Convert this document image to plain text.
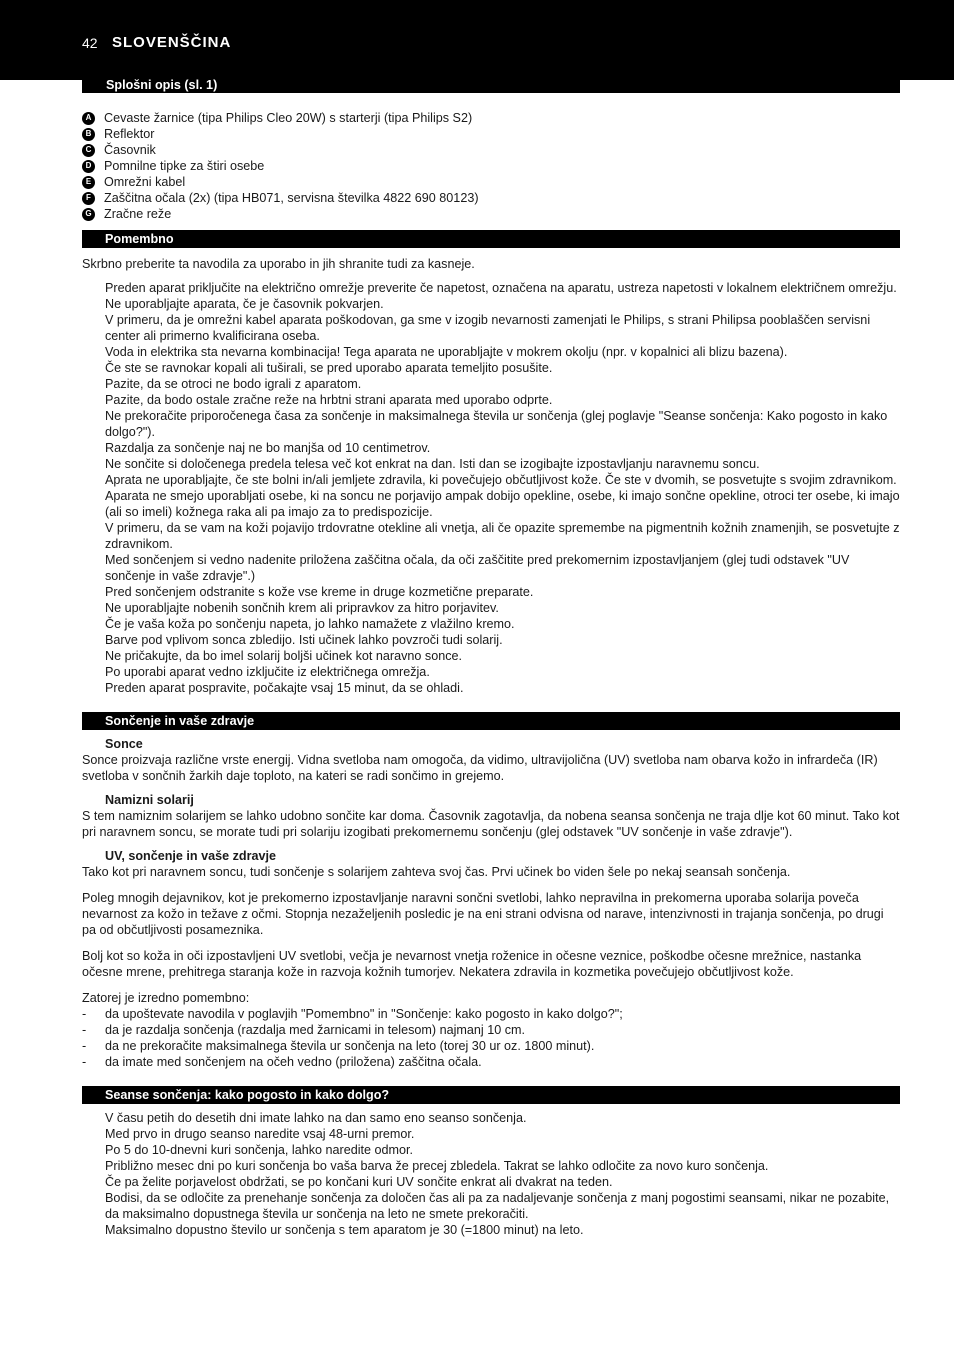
42 SLOVENŠČINA
Splošni opis (sl. 1)
A Cevaste žarnice (tipa Philips Cleo 20W) s starterji (tipa Philips S2)
B Reflektor
C Časovnik
D Pomnilne tipke za štiri osebe
E	Omrežni kabel
F	Zaščitna očala (2x) (tipa HB071, servisna številka 4822 690 80123)
G Zračne reže
Pomembno

Skrbno preberite ta navodila za uporabo in jih shranite tudi za kasneje.

Preden aparat priključite na električno omrežje preverite če napetost, označena na aparatu, ustreza napetosti v lokalnem električnem omrežju.

Ne uporabljajte aparata, če je časovnik pokvarjen.

V primeru, da je omrežni kabel aparata poškodovan, ga sme v izogib nevarnosti zamenjati le Philips, s strani Philipsa pooblaščen servisni center ali primerno kvalificirana oseba.

Voda in elektrika sta nevarna kombinacija! Tega aparata ne uporabljajte v mokrem okolju (npr. v kopalnici ali blizu bazena).

Če ste se ravnokar kopali ali tuširali, se pred uporabo aparata temeljito posušite.

Pazite, da se otroci ne bodo igrali z aparatom.

Pazite, da bodo ostale zračne reže na hrbtni strani aparata med uporabo odprte.

Ne prekoračite priporočenega časa za sončenje in maksimalnega števila ur sončenja (glej poglavje "Seanse sončenja: Kako pogosto in kako dolgo?").

Razdalja za sončenje naj ne bo manjša od 10 centimetrov.

Ne sončite si določenega predela telesa več kot enkrat na dan. Isti dan se izogibajte izpostavljanju naravnemu soncu.

Aprata ne uporabljajte, če ste bolni in/ali jemljete zdravila, ki povečujejo občutljivost kože. Če ste v dvomih, se posvetujte s svojim zdravnikom.

Aparata ne smejo uporabljati osebe, ki na soncu ne porjavijo ampak dobijo opekline, osebe, ki imajo sončne opekline, otroci ter osebe, ki imajo (ali so imeli) kožnega raka ali pa imajo za to predispozicije.

V primeru, da se vam na koži pojavijo trdovratne otekline ali vnetja, ali če opazite spremembe na pigmentnih kožnih znamenjih, se posvetujte z zdravnikom.

Med sončenjem si vedno nadenite priložena zaščitna očala, da oči zaščitite pred prekomernim izpostavljanjem (glej tudi odstavek "UV sončenje in vaše zdravje".)

Pred sončenjem odstranite s kože vse kreme in druge kozmetične preparate.

Ne uporabljajte nobenih sončnih krem ali pripravkov za hitro porjavitev.

Če je vaša koža po sončenju napeta, jo lahko namažete z vlažilno kremo.

Barve pod vplivom sonca zbledijo. Isti učinek lahko povzroči tudi solarij.

Ne pričakujte, da bo imel solarij boljši učinek kot naravno sonce.

Po uporabi aparat vedno izključite iz električnega omrežja.

Preden aparat pospravite, počakajte vsaj 15 minut, da se ohladi.

Sončenje in vaše zdravje
Sonce

Sonce proizvaja različne vrste energij. Vidna svetloba nam omogoča, da vidimo, ultravijolična (UV) svetloba nam obarva kožo in infrardeča (IR) svetloba v sončnih žarkih daje toploto, na kateri se radi sončimo in grejemo.

Namizni solarij

S tem namiznim solarijem se lahko udobno sončite kar doma. Časovnik zagotavlja, da nobena seansa sončenja ne traja dlje kot 60 minut. Tako kot pri naravnem soncu, se morate tudi pri solariju izogibati prekomernemu sončenju (glej odstavek "UV sončenje in vaše zdravje").

UV, sončenje in vaše zdravje

Tako kot pri naravnem soncu, tudi sončenje s solarijem zahteva svoj čas. Prvi učinek bo viden šele po nekaj seansah sončenja.

Poleg mnogih dejavnikov, kot je prekomerno izpostavljanje naravni sončni svetlobi, lahko nepravilna in prekomerna uporaba solarija poveča nevarnost za kožo in težave z očmi. Stopnja nezaželjenih posledic je na eni strani odvisna od narave, intenzivnosti in trajanja sončenja, po drugi pa od občutljivosti posameznika.

Bolj kot so koža in oči izpostavljeni UV svetlobi, večja je nevarnost vnetja roženice in očesne veznice, poškodbe očesne mrežnice, nastanka očesne mrene, prehitrega staranja kože in razvoja kožnih tumorjev. Nekatera zdravila in kozmetika povečujejo občutljivost kože.

Zatorej je izredno pomembno:

-	da upoštevate navodila v poglavjih "Pomembno" in "Sončenje: kako pogosto in kako dolgo?";
-	da je razdalja sončenja (razdalja med žarnicami in telesom) najmanj 10 cm.
-	da ne prekoračite maksimalnega števila ur sončenja na leto (torej 30 ur oz. 1800 minut).
-	da imate med sončenjem na očeh vedno (priložena) zaščitna očala.
Seanse sončenja: kako pogosto in kako dolgo?

V času petih do desetih dni imate lahko na dan samo eno seanso sončenja.

Med prvo in drugo seanso naredite vsaj 48-urni premor.

Po 5 do 10-dnevni kuri sončenja, lahko naredite odmor.

Približno mesec dni po kuri sončenja bo vaša barva že precej zbledela. Takrat se lahko odločite za novo kuro sončenja.

Če pa želite porjavelost obdržati, se po končani kuri UV sončite enkrat ali dvakrat na teden.

Bodisi, da se odločite za prenehanje sončenja za določen čas ali pa za nadaljevanje sončenja z manj pogostimi seansami, nikar ne pozabite, da maksimalno dopustnega števila ur sončenja na leto ne smete prekoračiti.

Maksimalno dopustno število ur sončenja s tem aparatom je 30 (=1800 minut) na leto.
